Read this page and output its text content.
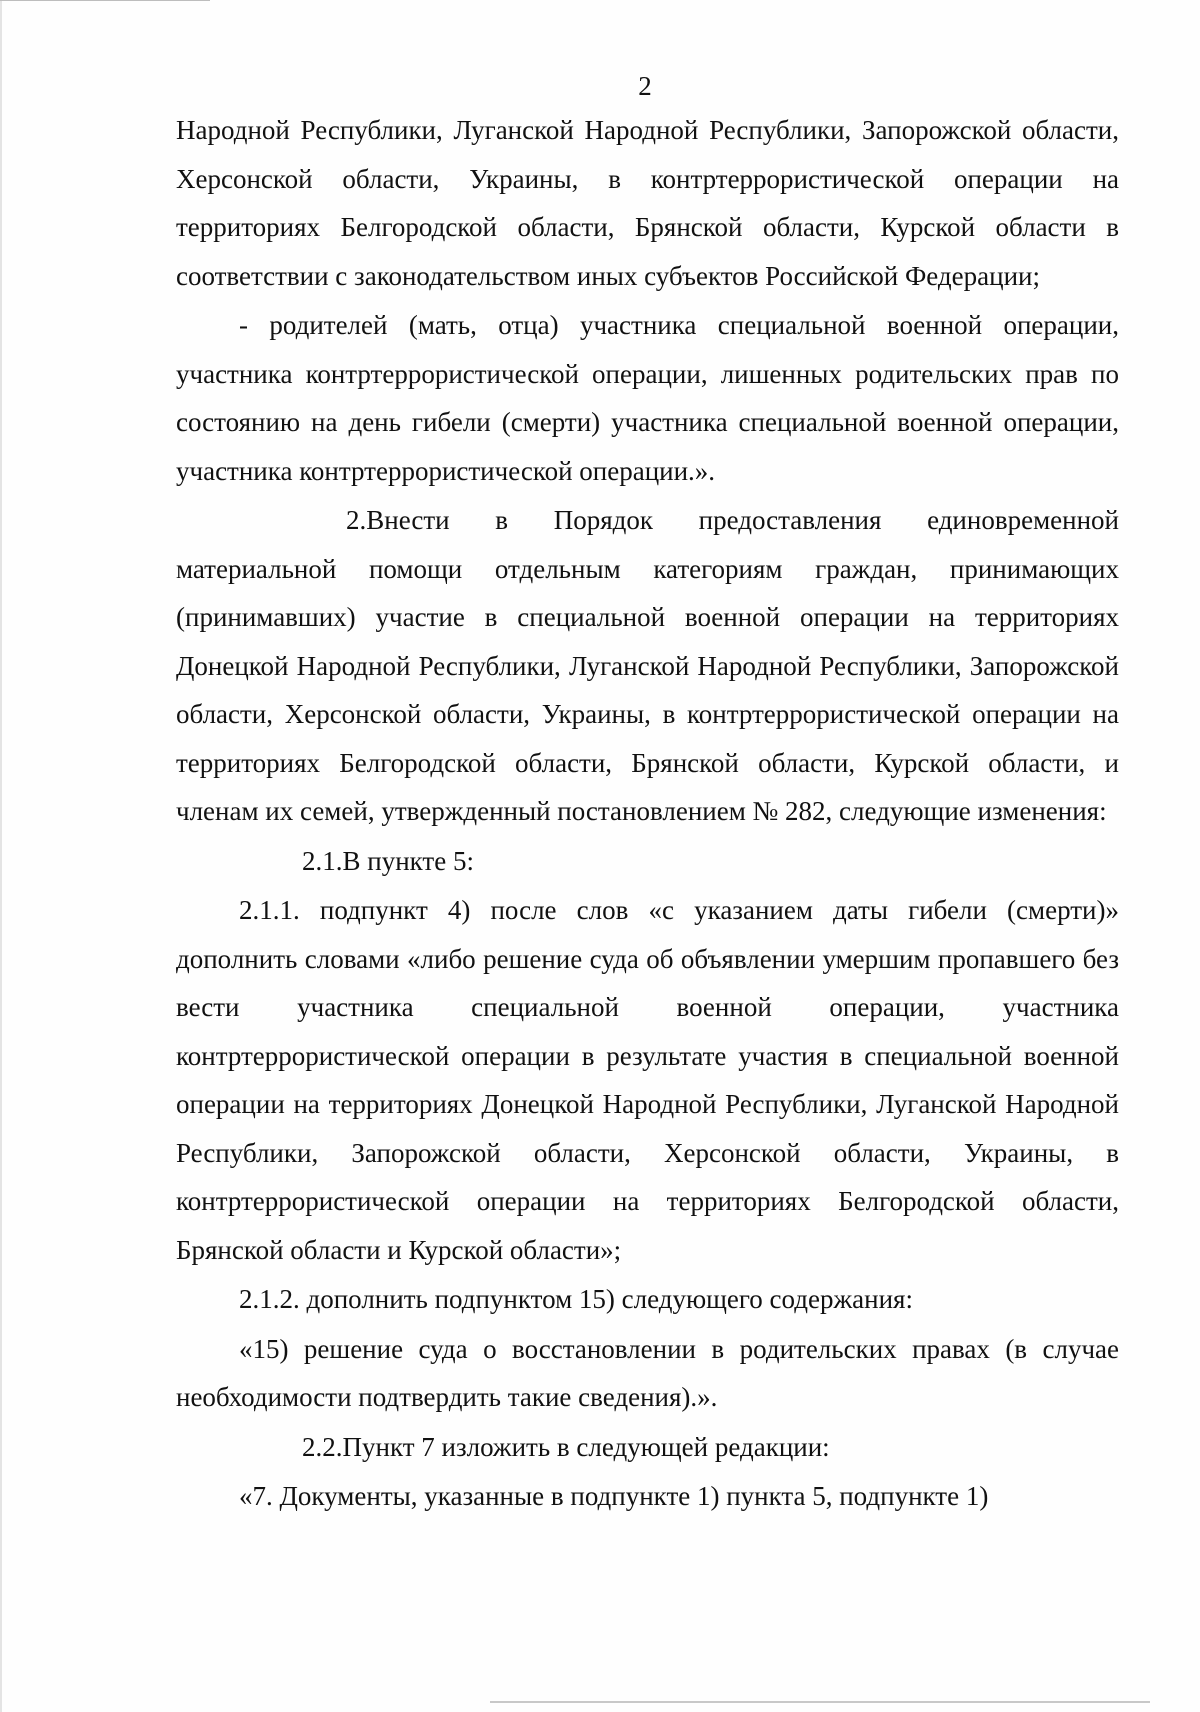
2

Народной Республики, Луганской Народной Республики, Запорожской области, Херсонской области, Украины, в контртеррористической операции на территориях Белгородской области, Брянской области, Курской области в соответствии с законодательством иных субъектов Российской Федерации;

- родителей (мать, отца) участника специальной военной операции, участника контртеррористической операции, лишенных родительских прав по состоянию на день гибели (смерти) участника специальной военной операции, участника контртеррористической операции.».

2.Внести в Порядок предоставления единовременной материальной помощи отдельным категориям граждан, принимающих (принимавших) участие в специальной военной операции на территориях Донецкой Народной Республики, Луганской Народной Республики, Запорожской области, Херсонской области, Украины, в контртеррористической операции на территориях Белгородской области, Брянской области, Курской области, и членам их семей, утвержденный постановлением № 282, следующие изменения:

2.1.В пункте 5:

2.1.1. подпункт 4) после слов «с указанием даты гибели (смерти)» дополнить словами «либо решение суда об объявлении умершим пропавшего без вести участника специальной военной операции, участника контртеррористической операции в результате участия в специальной военной операции на территориях Донецкой Народной Республики, Луганской Народной Республики, Запорожской области, Херсонской области, Украины, в контртеррористической операции на территориях Белгородской области, Брянской области и Курской области»;

2.1.2. дополнить подпунктом 15) следующего содержания:

«15) решение суда о восстановлении в родительских правах (в случае необходимости подтвердить такие сведения).».

2.2.Пункт 7 изложить в следующей редакции:

«7. Документы, указанные в подпункте 1) пункта 5, подпункте 1)
